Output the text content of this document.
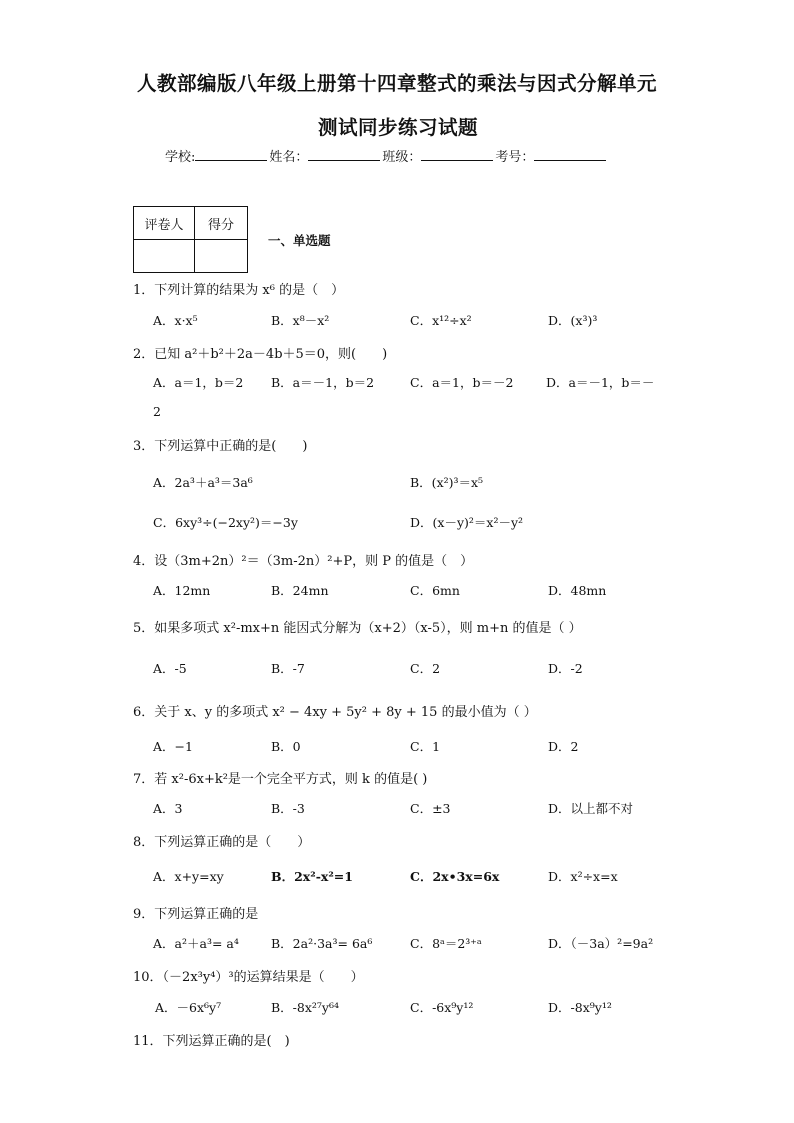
人教部编版八年级上册第十四章整式的乘法与因式分解单元
测试同步练习试题
学校:	姓名：	班级：	考号：
评卷人	得分

一、单选题
1．下列计算的结果为 x⁶ 的是（　）
A．x·x⁵	B．x⁸－x²	C．x¹²÷x²	D．(x³)³
2．已知 a²＋b²＋2a－4b＋5＝0，则(　　)
A．a＝1，b＝2 B．a＝－1，b＝2	C．a＝1，b＝－2	D．a＝－1，b＝－
2
3．下列运算中正确的是(　　)
A．2a³＋a³＝3a⁶	B．(x²)³＝x⁵
C．6xy³÷(−2xy²)＝−3y	D．(x－y)²＝x²－y²
4．设（3m+2n）²＝（3m-2n）²+P，则 P 的值是（　）
A．12mn	B．24mn	C．6mn	D．48mn
5．如果多项式 x²-mx+n 能因式分解为（x+2）（x-5），则 m+n 的值是（ ）
A．-5	B．-7	C．2	D．-2
6．关于 x、y 的多项式 x² − 4xy + 5y² + 8y + 15 的最小值为（ ）
A．−1	B．0	C．1	D．2
7．若 x²-6x+k²是一个完全平方式，则 k 的值是( )
A．3	B．-3	C．±3	D．以上都不对
8．下列运算正确的是（　　）
A．x+y=xy	B．2x²-x²=1	C．2x•3x=6x	D．x²÷x=x
9．下列运算正确的是
A．a²＋a³= a⁴	B．2a²·3a³= 6a⁶	C．8ᵃ＝2³⁺ᵃ	D．（－3a）²=9a²
10．（－2x³y⁴）³的运算结果是（　　）
A．－6x⁶y⁷	B．-8x²⁷y⁶⁴	C．-6x⁹y¹²	D．-8x⁹y¹²
11．下列运算正确的是(　)
